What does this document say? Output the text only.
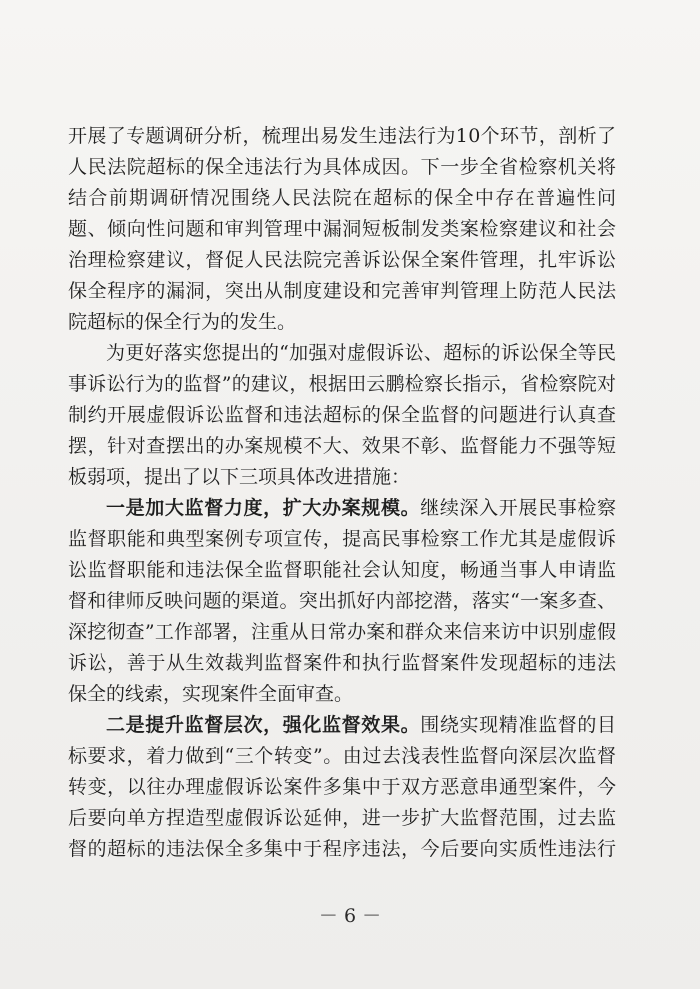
开展了专题调研分析，梳理出易发生违法行为10个环节，剖析了
人民法院超标的保全违法行为具体成因。下一步全省检察机关将
结合前期调研情况围绕人民法院在超标的保全中存在普遍性问
题、倾向性问题和审判管理中漏洞短板制发类案检察建议和社会
治理检察建议，督促人民法院完善诉讼保全案件管理，扎牢诉讼
保全程序的漏洞，突出从制度建设和完善审判管理上防范人民法
院超标的保全行为的发生。
为更好落实您提出的“加强对虚假诉讼、超标的诉讼保全等民
事诉讼行为的监督”的建议，根据田云鹏检察长指示，省检察院对
制约开展虚假诉讼监督和违法超标的保全监督的问题进行认真查
摆，针对查摆出的办案规模不大、效果不彰、监督能力不强等短
板弱项，提出了以下三项具体改进措施：
一是加大监督力度，扩大办案规模。继续深入开展民事检察
监督职能和典型案例专项宣传，提高民事检察工作尤其是虚假诉
讼监督职能和违法保全监督职能社会认知度，畅通当事人申请监
督和律师反映问题的渠道。突出抓好内部挖潜，落实“一案多查、
深挖彻查”工作部署，注重从日常办案和群众来信来访中识别虚假
诉讼，善于从生效裁判监督案件和执行监督案件发现超标的违法
保全的线索，实现案件全面审查。
二是提升监督层次，强化监督效果。围绕实现精准监督的目
标要求，着力做到“三个转变”。由过去浅表性监督向深层次监督
转变，以往办理虚假诉讼案件多集中于双方恶意串通型案件，今
后要向单方捏造型虚假诉讼延伸，进一步扩大监督范围，过去监
督的超标的违法保全多集中于程序违法，今后要向实质性违法行
－ 6 －
